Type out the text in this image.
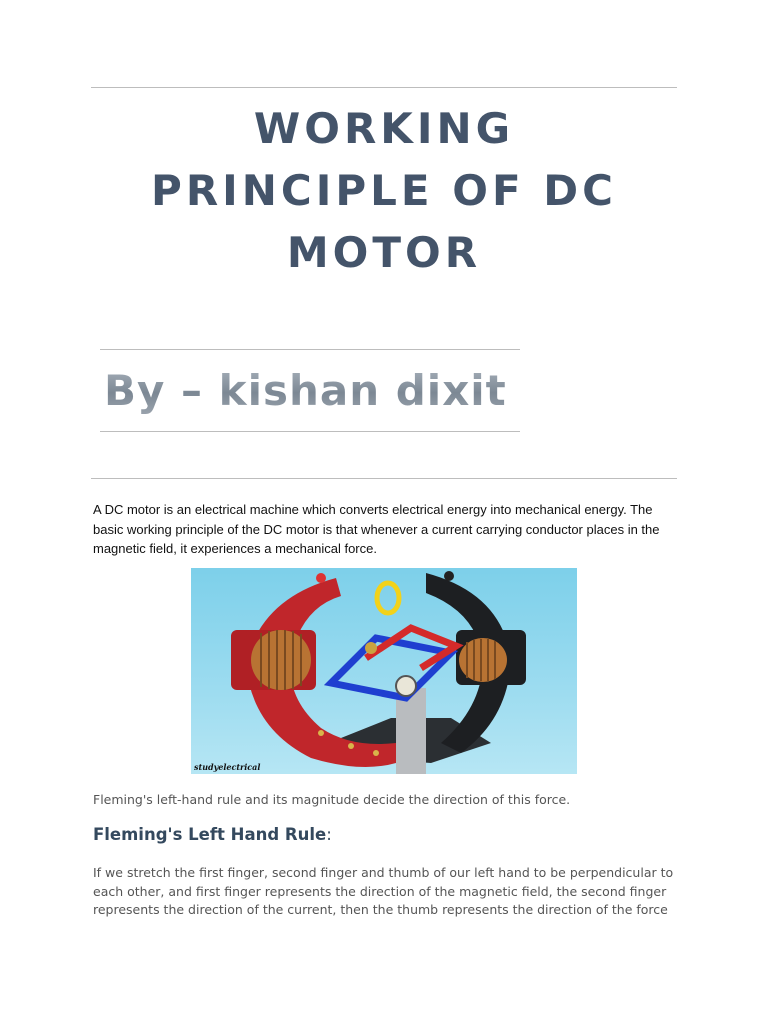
WORKING
PRINCIPLE OF DC
MOTOR
By – kishan dixit

A DC motor is an electrical machine which converts electrical energy into mechanical energy. The basic working principle of the DC motor is that whenever a current carrying conductor places in the magnetic field, it experiences a mechanical force.

studyelectrical

Fleming's left-hand rule and its magnitude decide the direction of this force.

Fleming's Left Hand Rule:

If we stretch the first finger, second finger and thumb of our left hand to be perpendicular to each other, and first finger represents the direction of the magnetic field, the second finger represents the direction of the current, then the thumb represents the direction of the force
